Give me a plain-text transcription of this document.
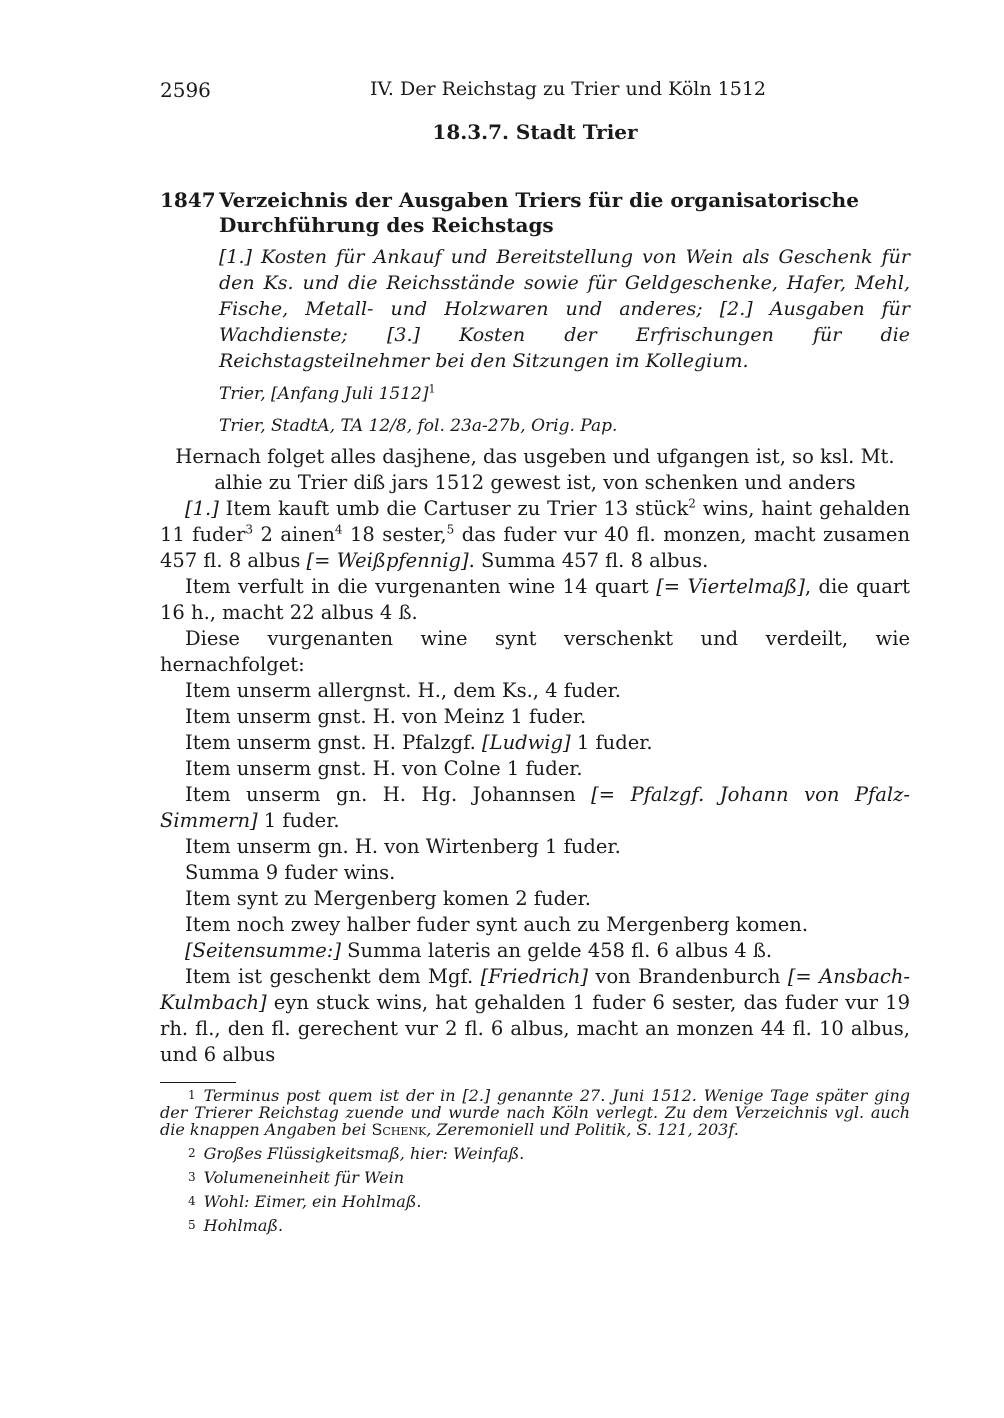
2596	IV. Der Reichstag zu Trier und Köln 1512
18.3.7. Stadt Trier
1847 Verzeichnis der Ausgaben Triers für die organisatorische Durchführung des Reichstags
[1.] Kosten für Ankauf und Bereitstellung von Wein als Geschenk für den Ks. und die Reichsstände sowie für Geldgeschenke, Hafer, Mehl, Fische, Metall- und Holzwaren und anderes; [2.] Ausgaben für Wachdienste; [3.] Kosten der Erfrischungen für die Reichstagsteilnehmer bei den Sitzungen im Kollegium.
Trier, [Anfang Juli 1512]$^1$
Trier, StadtA, TA 12/8, fol. 23a-27b, Orig. Pap.
Hernach folget alles dasjhene, das usgeben und ufgangen ist, so ksl. Mt. alhie zu Trier diß jars 1512 gewest ist, von schenken und anders
[1.] Item kauft umb die Cartuser zu Trier 13 stück$^2$ wins, haint gehalden 11 fuder$^3$ 2 ainen$^4$ 18 sester,$^5$ das fuder vur 40 fl. monzen, macht zusamen 457 fl. 8 albus [= Weißpfennig]. Summa 457 fl. 8 albus.
Item verfult in die vurgenanten wine 14 quart [= Viertelmaß], die quart 16 h., macht 22 albus 4 ß.
Diese vurgenanten wine synt verschenkt und verdeilt, wie hernachfolget:
Item unserm allergnst. H., dem Ks., 4 fuder.
Item unserm gnst. H. von Meinz 1 fuder.
Item unserm gnst. H. Pfalzgf. [Ludwig] 1 fuder.
Item unserm gnst. H. von Colne 1 fuder.
Item unserm gn. H. Hg. Johannsen [= Pfalzgf. Johann von Pfalz-Simmern] 1 fuder.
Item unserm gn. H. von Wirtenberg 1 fuder.
Summa 9 fuder wins.
Item synt zu Mergenberg komen 2 fuder.
Item noch zwey halber fuder synt auch zu Mergenberg komen.
[Seitensumme:] Summa lateris an gelde 458 fl. 6 albus 4 ß.
Item ist geschenkt dem Mgf. [Friedrich] von Brandenburch [= Ansbach-Kulmbach] eyn stuck wins, hat gehalden 1 fuder 6 sester, das fuder vur 19 rh. fl., den fl. gerechent vur 2 fl. 6 albus, macht an monzen 44 fl. 10 albus, und 6 albus
$^1$ Terminus post quem ist der in [2.] genannte 27. Juni 1512. Wenige Tage später ging der Trierer Reichstag zuende und wurde nach Köln verlegt. Zu dem Verzeichnis vgl. auch die knappen Angaben bei Schenk, Zeremoniell und Politik, S. 121, 203f.
$^2$ Großes Flüssigkeitsmaß, hier: Weinfaß.
$^3$ Volumeneinheit für Wein
$^4$ Wohl: Eimer, ein Hohlmaß.
$^5$ Hohlmaß.
